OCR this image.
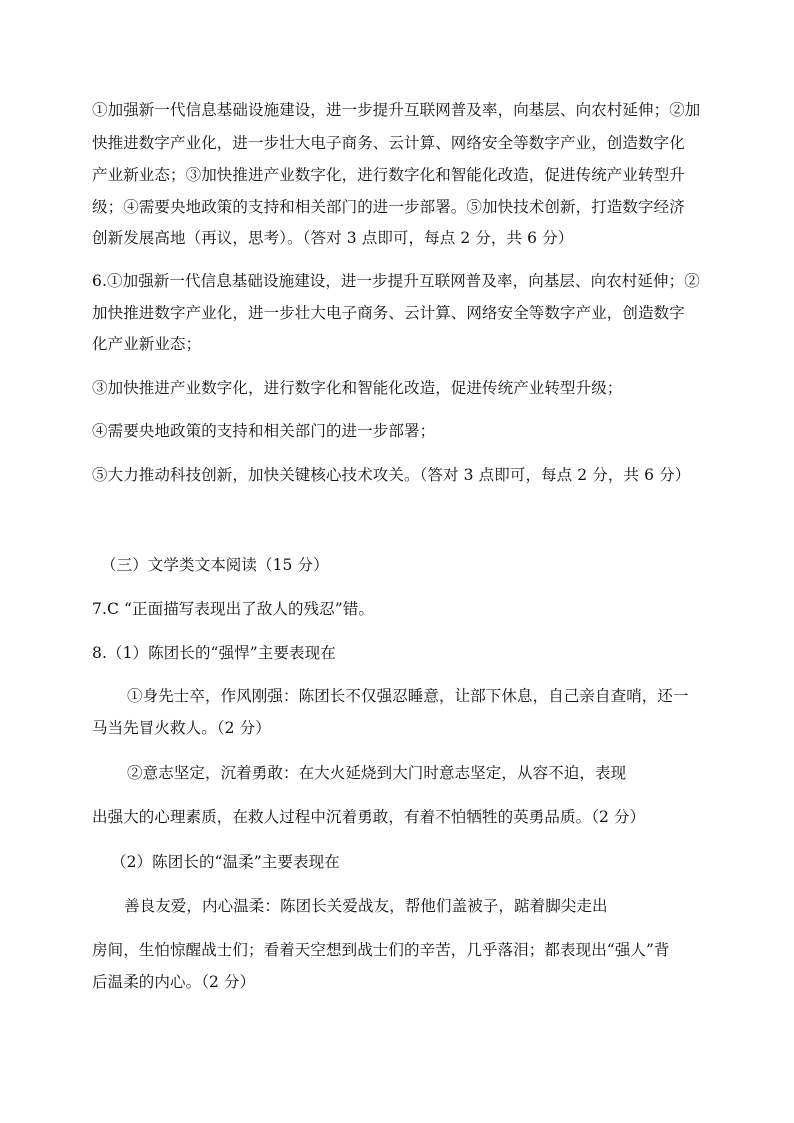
①加强新一代信息基础设施建设，进一步提升互联网普及率，向基层、向农村延伸；②加
快推进数字产业化，进一步壮大电子商务、云计算、网络安全等数字产业，创造数字化
产业新业态；③加快推进产业数字化，进行数字化和智能化改造，促进传统产业转型升
级；④需要央地政策的支持和相关部门的进一步部署。⑤加快技术创新，打造数字经济
创新发展高地（再议，思考）。（答对 3 点即可，每点 2 分，共 6 分）
6.①加强新一代信息基础设施建设，进一步提升互联网普及率，向基层、向农村延伸；②
加快推进数字产业化，进一步壮大电子商务、云计算、网络安全等数字产业，创造数字
化产业新业态；
③加快推进产业数字化，进行数字化和智能化改造，促进传统产业转型升级；
④需要央地政策的支持和相关部门的进一步部署；
⑤大力推动科技创新，加快关键核心技术攻关。（答对 3 点即可，每点 2 分，共 6 分）
（三）文学类文本阅读（15 分）
7.C “正面描写表现出了敌人的残忍”错。
8.（1）陈团长的“强悍”主要表现在
①身先士卒，作风刚强：陈团长不仅强忍睡意，让部下休息，自己亲自查哨，还一
马当先冒火救人。（2 分）
②意志坚定，沉着勇敢：在大火延烧到大门时意志坚定，从容不迫，表现
出强大的心理素质，在救人过程中沉着勇敢，有着不怕牺牲的英勇品质。（2 分）
（2）陈团长的“温柔”主要表现在
善良友爱，内心温柔：陈团长关爱战友，帮他们盖被子，踮着脚尖走出
房间，生怕惊醒战士们；看着天空想到战士们的辛苦，几乎落泪；都表现出“强人”背
后温柔的内心。（2 分）
